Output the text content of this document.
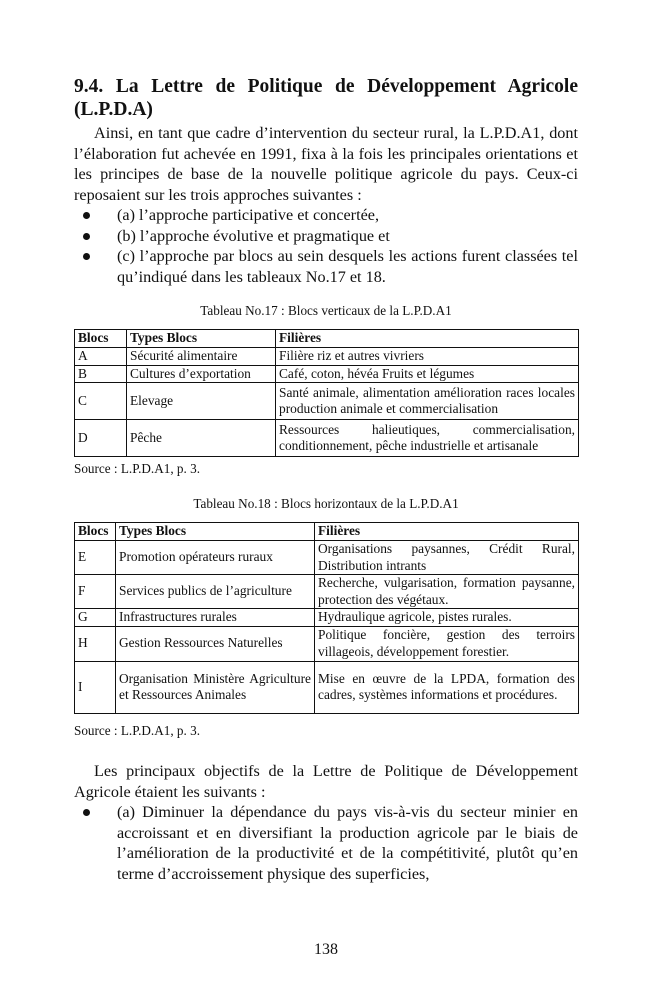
9.4. La Lettre de Politique de Développement Agricole (L.P.D.A)

Ainsi, en tant que cadre d’intervention du secteur rural, la L.P.D.A1, dont l’élaboration fut achevée en 1991, fixa à la fois les principales orientations et les principes de base de la nouvelle politique agricole du pays. Ceux-ci reposaient sur les trois approches suivantes :

(a) l’approche participative et concertée,
(b) l’approche évolutive et pragmatique et
(c) l’approche par blocs au sein desquels les actions furent classées tel qu’indiqué dans les tableaux No.17 et 18.

Tableau No.17 : Blocs verticaux de la L.P.D.A1

Blocs	Types Blocs	Filières
A	Sécurité alimentaire	Filière riz et autres vivriers
B	Cultures d’exportation	Café, coton, hévéa Fruits et légumes
C	Elevage	Santé animale, alimentation amélioration races locales production animale et commercialisation
D	Pêche	Ressources halieutiques, commercialisation, conditionnement, pêche industrielle et artisanale

Source : L.P.D.A1, p. 3.

Tableau No.18 : Blocs horizontaux de la L.P.D.A1

Blocs	Types Blocs	Filières
E	Promotion opérateurs ruraux	Organisations paysannes, Crédit Rural, Distribution intrants
F	Services publics de l’agriculture	Recherche, vulgarisation, formation paysanne, protection des végétaux.
G	Infrastructures rurales	Hydraulique agricole, pistes rurales.
H	Gestion Ressources Naturelles	Politique foncière, gestion des terroirs villageois, développement forestier.
I	Organisation Ministère Agriculture et Ressources Animales	Mise en œuvre de la LPDA, formation des cadres, systèmes informations et procédures.

Source : L.P.D.A1, p. 3.

Les principaux objectifs de la Lettre de Politique de Développement Agricole étaient les suivants :

(a) Diminuer la dépendance du pays vis-à-vis du secteur minier en accroissant et en diversifiant la production agricole par le biais de l’amélioration de la productivité et de la compétitivité, plutôt qu’en terme d’accroissement physique des superficies,
138
